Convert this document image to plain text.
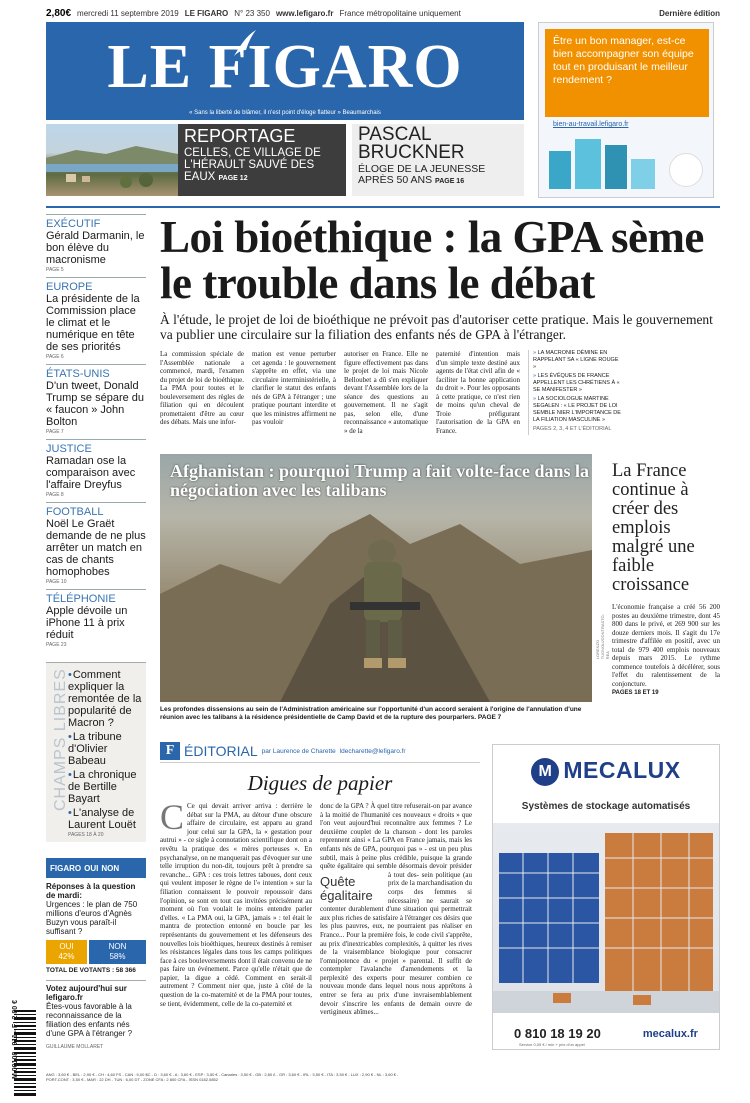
2,80€ mercredi 11 septembre 2019 LE FIGARO N° 23 350 www.lefigaro.fr France métropolitaine uniquement	Dernière édition
LE FIGARO
« Sans la liberté de blâmer, il n'est point d'éloge flatteur » Beaumarchais
REPORTAGE
CELLES, CE VILLAGE DE L'HÉRAULT SAUVÉ DES EAUX PAGE 12
PASCAL BRUCKNER
ÉLOGE DE LA JEUNESSE APRÈS 50 ANS PAGE 16
Être un bon manager, est-ce bien accompagner son équipe tout en produisant le meilleur rendement ?
bien-au-travail.lefigaro.fr
EXÉCUTIF
Gérald Darmanin, le bon élève du macronisme
PAGE 5
EUROPE
La présidente de la Commission place le climat et le numérique en tête de ses priorités
PAGE 6
ÉTATS-UNIS
D'un tweet, Donald Trump se sépare du « faucon » John Bolton
PAGE 7
JUSTICE
Ramadan ose la comparaison avec l'affaire Dreyfus
PAGE 8
FOOTBALL
Noël Le Graët demande de ne plus arrêter un match en cas de chants homophobes
PAGE 10
TÉLÉPHONIE
Apple dévoile un iPhone 11 à prix réduit
PAGE 23
CHAMPS LIBRES
• Comment expliquer la remontée de la popularité de Macron ?
• La tribune d'Olivier Babeau
• La chronique de Bertille Bayart
• L'analyse de Laurent Louët
PAGES 18 À 20
FIGARO OUI NON
Réponses à la question de mardi:
Urgences : le plan de 750 millions d'euros d'Agnès Buzyn vous paraît-il suffisant ?
OUI
42%
NON
58%
TOTAL DE VOTANTS : 58 366
Votez aujourd'hui sur lefigaro.fr
Êtes-vous favorable à la reconnaissance de la filiation des enfants nés d'une GPA à l'étranger ?
GUILLAUME MOLLARET
Loi bioéthique : la GPA sème le trouble dans le débat

À l'étude, le projet de loi de bioéthique ne prévoit pas d'autoriser cette pratique. Mais le gouvernement va publier une circulaire sur la filiation des enfants nés de GPA à l'étranger.

La commission spéciale de l'Assemblée nationale a commencé, mardi, l'examen du projet de loi de bioéthique. La PMA pour toutes et le bouleversement des règles de filiation qui en découlent promettaient d'être au cœur des débats. Mais une infor-
mation est venue perturber cet agenda : le gouvernement s'apprête en effet, via une circulaire interministérielle, à clarifier le statut des enfants nés de GPA à l'étranger ; une pratique pourtant interdite et que les ministres affirment ne pas vouloir
autoriser en France. Elle ne figure effectivement pas dans le projet de loi mais Nicole Belloubet a dû s'en expliquer devant l'Assemblée lors de la séance des questions au gouvernement. Il ne s'agit pas, selon elle, d'une reconnaissance « automatique » de la
paternité d'intention mais d'un simple texte destiné aux agents de l'état civil afin de « faciliter la bonne application du droit ». Pour les opposants à cette pratique, ce n'est rien de moins qu'un cheval de Troie préfigurant l'autorisation de la GPA en France.

» LA MACRONIE DÉMINE EN RAPPELANT SA « LIGNE ROUGE »

» LES ÉVÊQUES DE FRANCE APPELLENT LES CHRÉTIENS À « SE MANIFESTER »

» LA SOCIOLOGUE MARTINE SEGALEN : « LE PROJET DE LOI SEMBLE NIER L'IMPORTANCE DE LA FILIATION MASCULINE »

PAGES 2, 3, 4 ET L'ÉDITORIAL
Afghanistan : pourquoi Trump a fait volte-face dans la négociation avec les talibans
LORENZO TUGNOLI/CONTRASTO-REA
Les profondes dissensions au sein de l'Administration américaine sur l'opportunité d'un accord seraient à l'origine de l'annulation d'une réunion avec les talibans à la résidence présidentielle de Camp David et de la rupture des pourparlers. PAGE 7
La France continue à créer des emplois malgré une faible croissance
L'économie française a créé 56 200 postes au deuxième trimestre, dont 45 800 dans le privé, et 269 900 sur les douze derniers mois. Il s'agit du 17e trimestre d'affilée en positif, avec un total de 979 400 emplois nouveaux depuis mars 2015. Le rythme commence toutefois à décélérer, sous l'effet du ralentissement de la conjoncture.
PAGES 18 ET 19
F ÉDITORIAL par Laurence de Charette ldecharette@lefigaro.fr
Digues de papier
C Ce qui devait arriver arriva : derrière le débat sur la PMA, au détour d'une obscure affaire de circulaire, est apparu au grand jour celui sur la GPA, la « gestation pour autrui » - ce sigle à connotation scientifique dont on a revêtu la pratique des « mères porteuses ». En psychanalyse, on ne manquerait pas d'évoquer sur une telle irruption du non-dit, toujours prêt à prendre sa revanche... GPA : ces trois lettres taboues, dont ceux qui veulent imposer le règne de l'« intention » sur la filiation connaissent le pouvoir repoussoir dans l'opinion, se sont en tout cas invitées précisément au moment où l'on voulait le moins entendre parler d'elles. « La PMA oui, la GPA, jamais » : tel était le mantra de protection entonné en boucle par les représentants du gouvernement et les défenseurs des nouvelles lois bioéthiques, heureux destinés à remiser les résistances légales dans tous les camps politiques face à ces bouleversements dont il était convenu de ne pas faire un événement. Parce qu'elle n'était que de papier, la digue a cédé. Comment en serait-il autrement ? Comment nier que, juste à côté de la question de la co-maternité et de la PMA pour toutes, se tient, évidemment, celle de la co-paternité et
donc de la GPA ? À quel titre refuserait-on par avance à la moitié de l'humanité ces nouveaux « droits » que l'on veut aujourd'hui reconnaître aux femmes ? Le deuxième couplet de la chanson - dont les paroles reprennent ainsi « La GPA en France jamais, mais les enfants nés de GPA, pourquoi pas » - est un peu plus subtil, mais à peine plus crédible, puisque la grande quête égalitaire qui semble désormais devoir présider à tout des-
Quête égalitaire
sein politique (au prix de la marchandisation du corps des femmes si nécessaire) ne saurait se contenter durablement d'une situation qui permettrait aux plus riches de satisfaire à l'étranger ces désirs que les plus pauvres, eux, ne pourraient pas réaliser en France... Pour la première fois, le code civil s'apprête, au prix d'inextricables complexités, à quitter les rives de la vraisemblance biologique pour consacrer l'omnipotence du « projet » parental. Il suffit de contempler l'avalanche d'amendements et la perplexité des experts pour mesurer combien ce nouveau monde dans lequel nous nous apprêtons à entrer se fera au prix d'une invraisemblablement devoir s'inscrire les enfants de demain ouvre de vertigineux abîmes...
M MECALUX
Systèmes de stockage automatisés
0 810 18 19 20	mecalux.fr
Service 0,05 € / min + prix d'un appel
M 00108 - 911 - F: 2,80 €	ANG : 3,60 € - BEL : 2,90 € - CH : 4,60 FS - CAN : 5,00 $C - D : 3,60 € - A : 3,60 € - ESP : 3,50 € - Canaries : 3,50 € - GB : 2,80 £ - GR : 3,60 € - IRL : 3,50 € - ITA : 3,50 € - LUX : 2,90 € - NL : 3,60 € - PORT.CONT : 3,50 € - MAR : 22 DH - TUN : 6,00 DT - ZONE CFA : 2 800 CFA - ISSN 0182.5852
